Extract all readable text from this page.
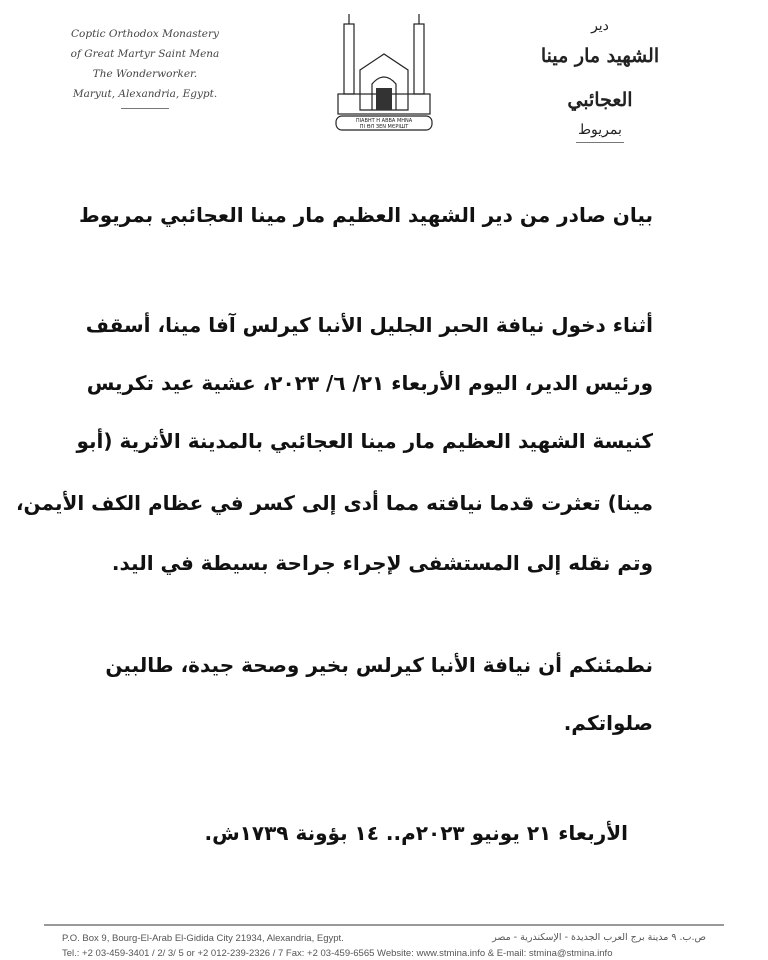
Coptic Orthodox Monastery
of Great Martyr Saint Mena
The Wonderworker.
Maryut, Alexandria, Egypt.
ПІАВНТ Н АВВА МНNА
ПІ ѲЛ ЗЕN МЄРІШТ
دير
الشهيد مار مينا العجائبي
بمريوط
بيان صادر من دير الشهيد العظيم مار مينا العجائبي بمريوط
أثناء دخول نيافة الحبر الجليل الأنبا كيرلس آفا مينا، أسقف
ورئيس الدير، اليوم الأربعاء ٢١/ ٦/ ٢٠٢٣، عشية عيد تكريس
كنيسة الشهيد العظيم مار مينا العجائبي بالمدينة الأثرية (أبو
مينا) تعثرت قدما نيافته مما أدى إلى كسر في عظام الكف الأيمن،
وتم نقله إلى المستشفى لإجراء جراحة بسيطة في اليد.
نطمئنكم أن نيافة الأنبا كيرلس بخير وصحة جيدة، طالبين
صلواتكم.
الأربعاء ٢١ يونيو ٢٠٢٣م.. ١٤ بؤونة ١٧٣٩ش.
P.O. Box 9, Bourg-El-Arab El-Gidida City 21934, Alexandria, Egypt.	ص.ب. ٩ مدينة برج العرب الجديدة - الإسكندرية - مصر
Tel.: +2 03-459-3401 / 2/ 3/ 5 or +2 012-239-2326 / 7 Fax: +2 03-459-6565 Website: www.stmina.info & E-mail: stmina@stmina.info
